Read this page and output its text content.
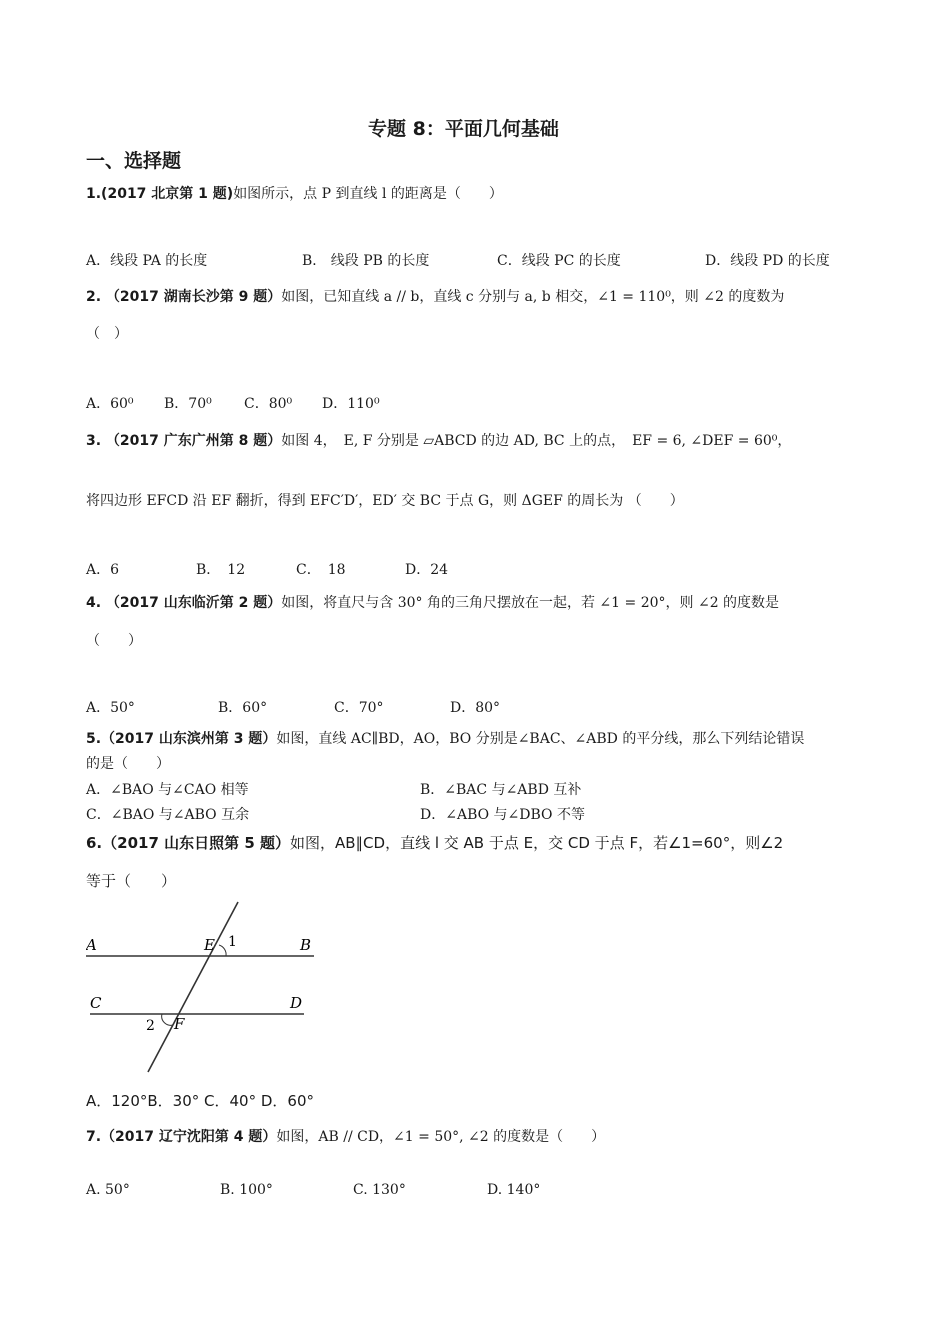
专题 8：平面几何基础
一、选择题
1.(2017 北京第 1 题)如图所示，点 P 到直线 l 的距离是（　　）
A．线段 PA 的长度	B． 线段 PB 的长度	C．线段 PC 的长度	D．线段 PD 的长度
2. （2017 湖南长沙第 9 题）如图，已知直线 a // b，直线 c 分别与 a, b 相交，∠1 = 110⁰，则 ∠2 的度数为
（　）
A．60⁰ B．70⁰ C．80⁰ D．110⁰
3. （2017 广东广州第 8 题）如图 4，　E, F 分别是 ▱ABCD 的边 AD, BC 上的点，　EF = 6, ∠DEF = 60⁰，
将四边形 EFCD 沿 EF 翻折，得到 EFC′D′，ED′ 交 BC 于点 G，则 ΔGEF 的周长为 （　　）
A．6	B．　12	C．　18	D．24
4. （2017 山东临沂第 2 题）如图，将直尺与含 30° 角的三角尺摆放在一起，若 ∠1 = 20°，则 ∠2 的度数是
（　　）
A．50°	B．60°	C．70°	D．80°
5.（2017 山东滨州第 3 题）如图，直线 AC∥BD，AO，BO 分别是∠BAC、∠ABD 的平分线，那么下列结论错误
的是（　　）
A．∠BAO 与∠CAO 相等	B．∠BAC 与∠ABD 互补
C．∠BAO 与∠ABO 互余	D．∠ABO 与∠DBO 不等
6.（2017 山东日照第 5 题）如图，AB∥CD，直线 l 交 AB 于点 E，交 CD 于点 F，若∠1=60°，则∠2
等于（　　）
A	B
C	D
E
F
1
2
A．120°B．30° C．40° D．60°
7.（2017 辽宁沈阳第 4 题）如图，AB // CD，∠1 = 50°, ∠2 的度数是（　　）
A. 50°	B. 100°	C. 130°	D. 140°
